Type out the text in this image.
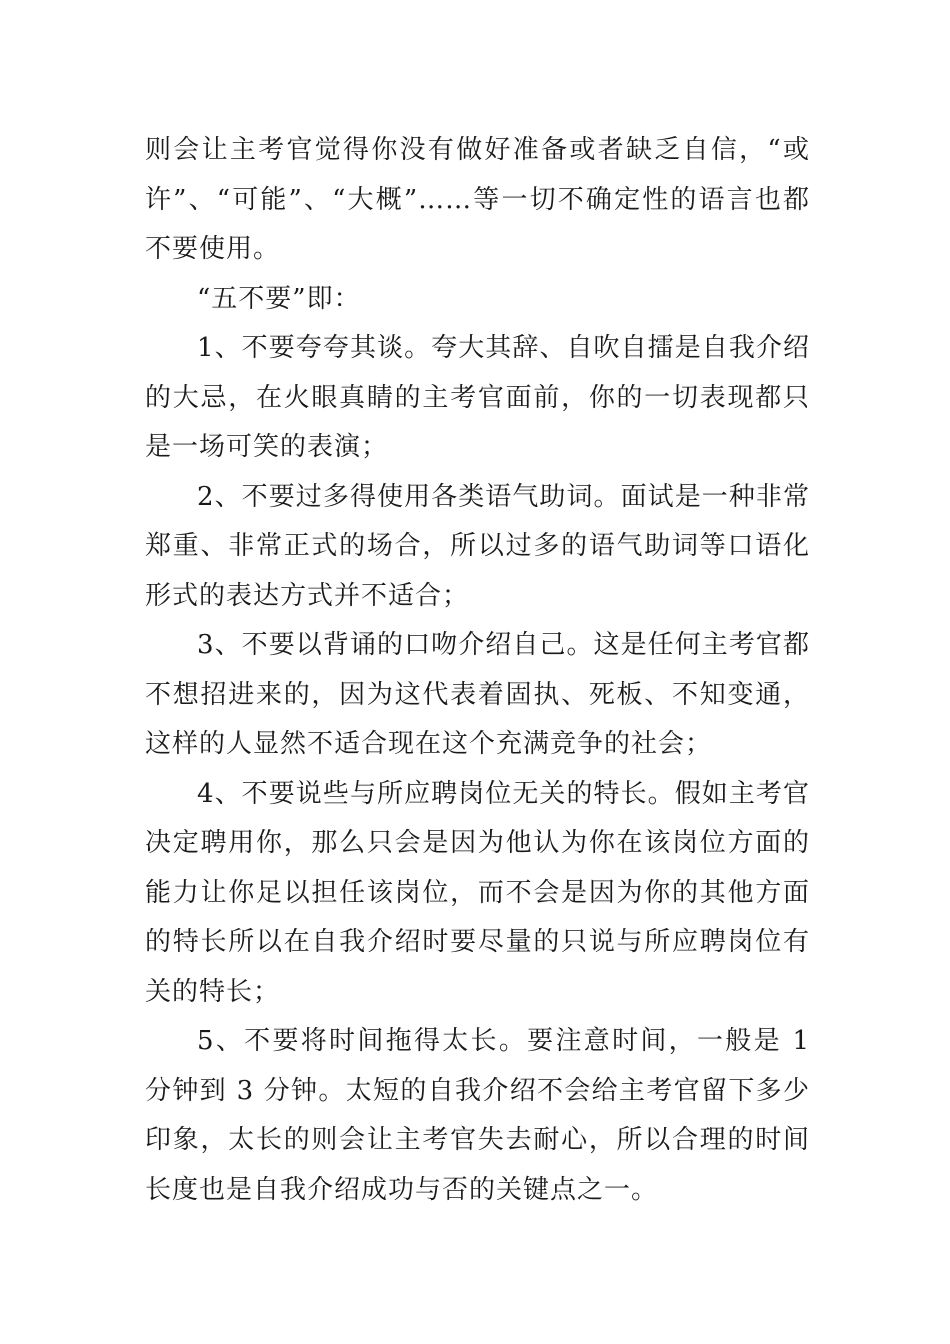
则会让主考官觉得你没有做好准备或者缺乏自信，“或许”、“可能”、“大概”……等一切不确定性的语言也都不要使用。

“五不要”即：

1、不要夸夸其谈。夸大其辞、自吹自擂是自我介绍的大忌，在火眼真睛的主考官面前，你的一切表现都只是一场可笑的表演；

2、不要过多得使用各类语气助词。面试是一种非常郑重、非常正式的场合，所以过多的语气助词等口语化形式的表达方式并不适合；

3、不要以背诵的口吻介绍自己。这是任何主考官都不想招进来的，因为这代表着固执、死板、不知变通，这样的人显然不适合现在这个充满竞争的社会；

4、不要说些与所应聘岗位无关的特长。假如主考官决定聘用你，那么只会是因为他认为你在该岗位方面的能力让你足以担任该岗位，而不会是因为你的其他方面的特长所以在自我介绍时要尽量的只说与所应聘岗位有关的特长；

5、不要将时间拖得太长。要注意时间，一般是 1 分钟到 3 分钟。太短的自我介绍不会给主考官留下多少印象，太长的则会让主考官失去耐心，所以合理的时间长度也是自我介绍成功与否的关键点之一。
